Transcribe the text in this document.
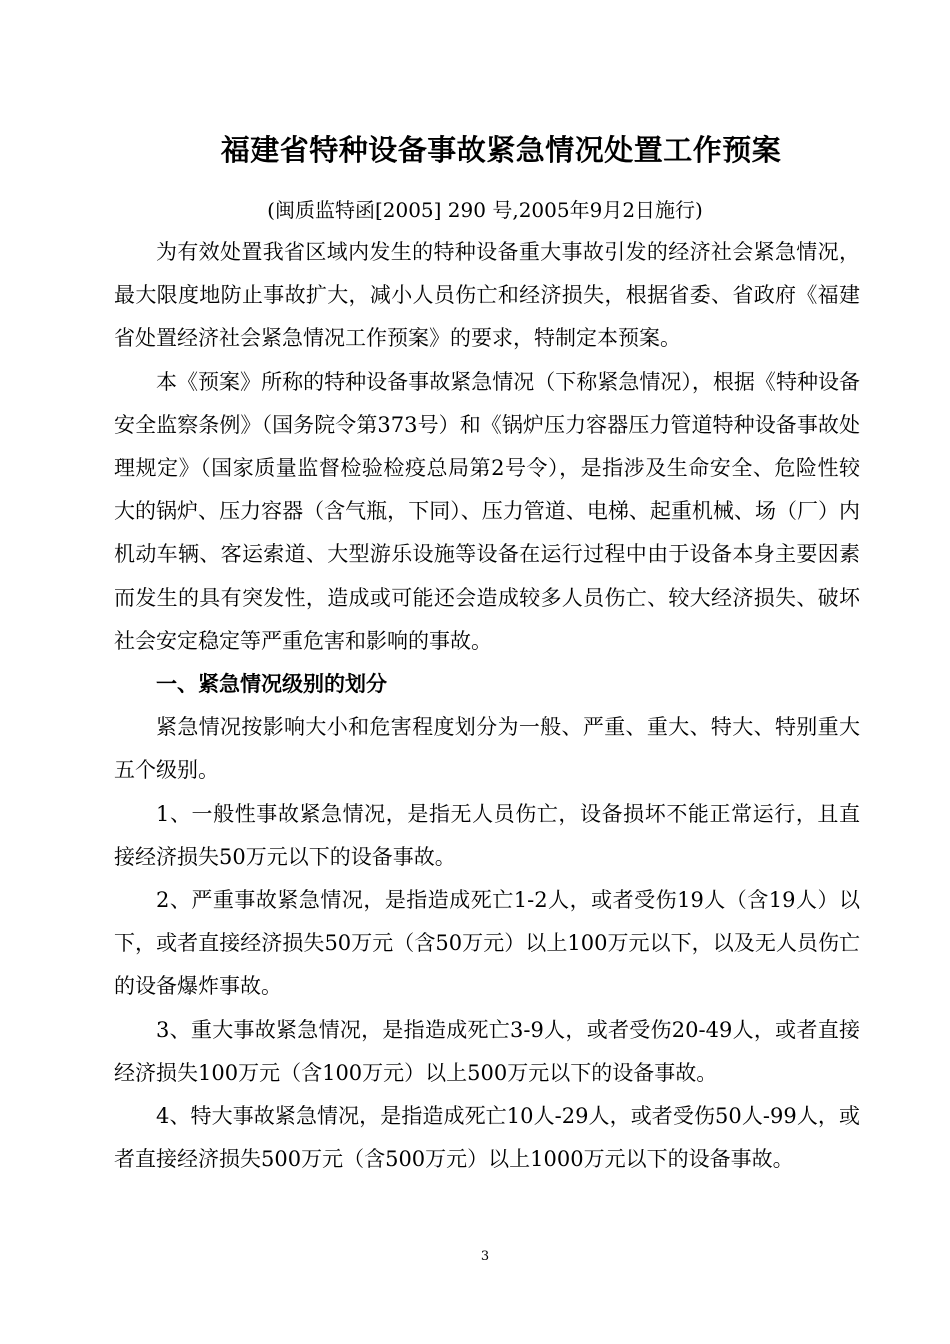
福建省特种设备事故紧急情况处置工作预案
(闽质监特函[2005] 290 号,2005年9月2日施行)

为有效处置我省区域内发生的特种设备重大事故引发的经济社会紧急情况，最大限度地防止事故扩大，减小人员伤亡和经济损失，根据省委、省政府《福建省处置经济社会紧急情况工作预案》的要求，特制定本预案。

本《预案》所称的特种设备事故紧急情况（下称紧急情况），根据《特种设备安全监察条例》（国务院令第373号）和《锅炉压力容器压力管道特种设备事故处理规定》（国家质量监督检验检疫总局第2号令），是指涉及生命安全、危险性较大的锅炉、压力容器（含气瓶，下同）、压力管道、电梯、起重机械、场（厂）内机动车辆、客运索道、大型游乐设施等设备在运行过程中由于设备本身主要因素而发生的具有突发性，造成或可能还会造成较多人员伤亡、较大经济损失、破坏社会安定稳定等严重危害和影响的事故。

一、紧急情况级别的划分

紧急情况按影响大小和危害程度划分为一般、严重、重大、特大、特别重大五个级别。

1、一般性事故紧急情况，是指无人员伤亡，设备损坏不能正常运行，且直接经济损失50万元以下的设备事故。

2、严重事故紧急情况，是指造成死亡1-2人，或者受伤19人（含19人）以下，或者直接经济损失50万元（含50万元）以上100万元以下，以及无人员伤亡的设备爆炸事故。

3、重大事故紧急情况，是指造成死亡3-9人，或者受伤20-49人，或者直接经济损失100万元（含100万元）以上500万元以下的设备事故。

4、特大事故紧急情况，是指造成死亡10人-29人，或者受伤50人-99人，或者直接经济损失500万元（含500万元）以上1000万元以下的设备事故。

3
